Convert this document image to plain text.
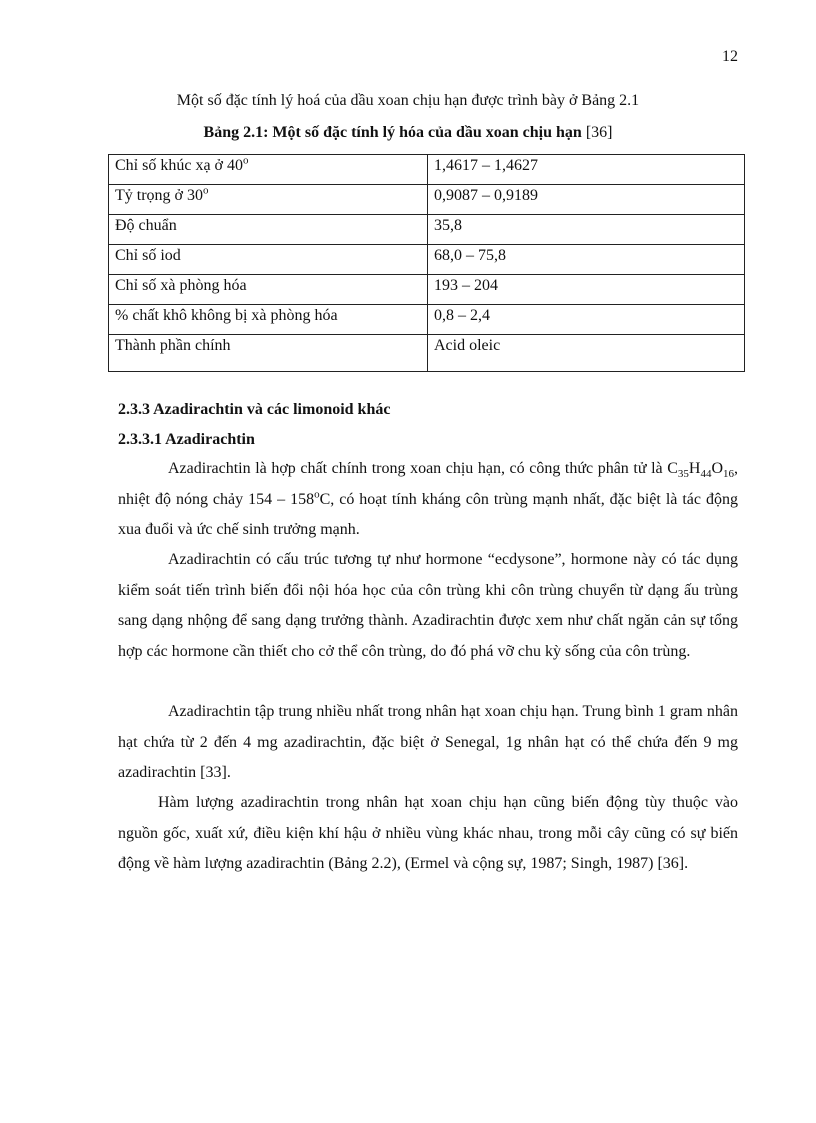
12
Một số đặc tính lý hoá của dầu xoan chịu hạn được trình bày ở Bảng 2.1
Bảng 2.1: Một số đặc tính lý hóa của dầu xoan chịu hạn [36]
Chỉ số khúc xạ ở 40$^o$	1,4617 – 1,4627
Tỷ trọng ở 30$^o$	0,9087 – 0,9189
Độ chuẩn	35,8
Chỉ số iod	68,0 – 75,8
Chỉ số xà phòng hóa	193 – 204
% chất khô không bị xà phòng hóa	0,8 – 2,4
Thành phần chính	Acid oleic
2.3.3 Azadirachtin và các limonoid khác
2.3.3.1 Azadirachtin

Azadirachtin là hợp chất chính trong xoan chịu hạn, có công thức phân tử là $C_{35}H_{44}O_{16}$, nhiệt độ nóng chảy 154 – 158$^o$C, có hoạt tính kháng côn trùng mạnh nhất, đặc biệt là tác động xua đuổi và ức chế sinh trưởng mạnh.

Azadirachtin có cấu trúc tương tự như hormone “ecdysone”, hormone này có tác dụng kiểm soát tiến trình biến đổi nội hóa học của côn trùng khi côn trùng chuyển từ dạng ấu trùng sang dạng nhộng để sang dạng trưởng thành. Azadirachtin được xem như chất ngăn cản sự tổng hợp các hormone cần thiết cho cở thể côn trùng, do đó phá vỡ chu kỳ sống của côn trùng.

Azadirachtin tập trung nhiều nhất trong nhân hạt xoan chịu hạn. Trung bình 1 gram nhân hạt chứa từ 2 đến 4 mg azadirachtin, đặc biệt ở Senegal, 1g nhân hạt có thể chứa đến 9 mg azadirachtin [33].

Hàm lượng azadirachtin trong nhân hạt xoan chịu hạn cũng biến động tùy thuộc vào nguồn gốc, xuất xứ, điều kiện khí hậu ở nhiều vùng khác nhau, trong mỗi cây cũng có sự biến động về hàm lượng azadirachtin (Bảng 2.2), (Ermel và cộng sự, 1987; Singh, 1987) [36].
